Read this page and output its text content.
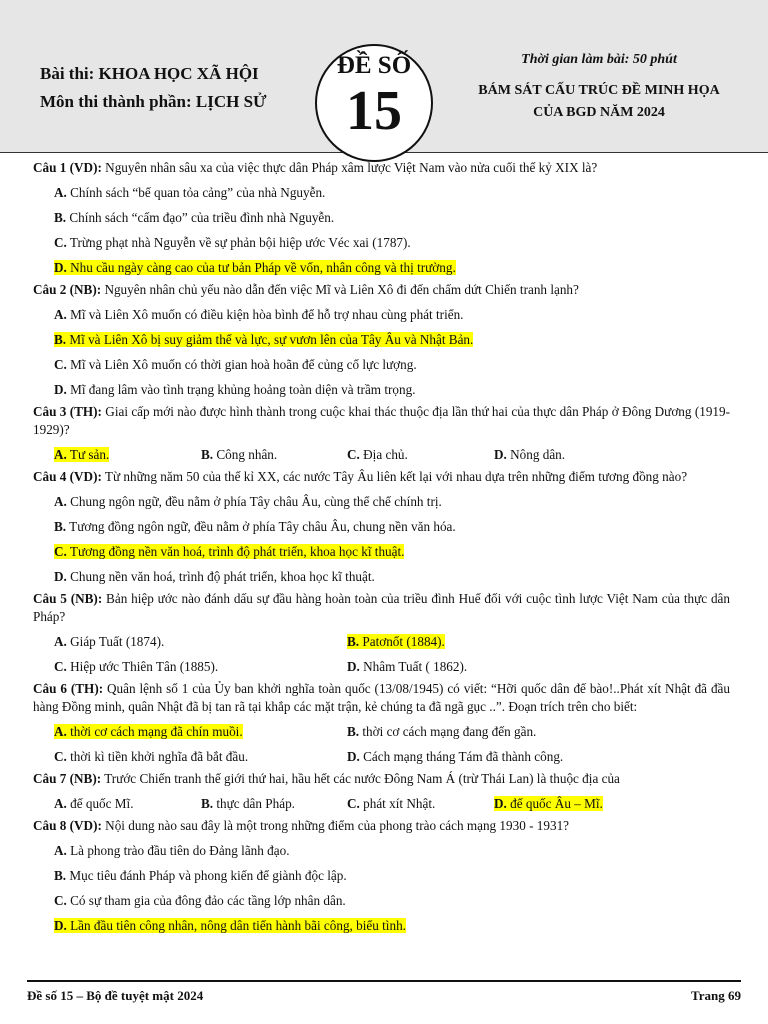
Bài thi: KHOA HỌC XÃ HỘI
Môn thi thành phần: LỊCH SỬ
ĐỀ SỐ
15
Thời gian làm bài: 50 phút
BÁM SÁT CẤU TRÚC ĐỀ MINH HỌA
CỦA BGD NĂM 2024
Câu 1 (VD): Nguyên nhân sâu xa của việc thực dân Pháp xâm lược Việt Nam vào nửa cuối thế kỷ XIX là?
A. Chính sách “bế quan tỏa cảng” của nhà Nguyễn.
B. Chính sách “cấm đạo” của triều đình nhà Nguyễn.
C. Trừng phạt nhà Nguyễn về sự phản bội hiệp ước Véc xai (1787).
D. Nhu cầu ngày càng cao của tư bản Pháp về vốn, nhân công và thị trường.
Câu 2 (NB): Nguyên nhân chủ yếu nào dẫn đến việc Mĩ và Liên Xô đi đến chấm dứt Chiến tranh lạnh?
A. Mĩ và Liên Xô muốn có điều kiện hòa bình để hỗ trợ nhau cùng phát triển.
B. Mĩ và Liên Xô bị suy giảm thế và lực, sự vươn lên của Tây Âu và Nhật Bản.
C. Mĩ và Liên Xô muốn có thời gian hoà hoãn để củng cố lực lượng.
D. Mĩ đang lâm vào tình trạng khủng hoảng toàn diện và trầm trọng.
Câu 3 (TH): Giai cấp mới nào được hình thành trong cuộc khai thác thuộc địa lần thứ hai của thực dân Pháp ở Đông Dương (1919-1929)?
A. Tư sản.	B. Công nhân.	C. Địa chủ.	D. Nông dân.
Câu 4 (VD): Từ những năm 50 của thế kỉ XX, các nước Tây Âu liên kết lại với nhau dựa trên những điểm tương đồng nào?
A. Chung ngôn ngữ, đều nằm ở phía Tây châu Âu, cùng thể chế chính trị.
B. Tương đồng ngôn ngữ, đều nằm ở phía Tây châu Âu, chung nền văn hóa.
C. Tương đồng nền văn hoá, trình độ phát triển, khoa học kĩ thuật.
D. Chung nền văn hoá, trình độ phát triển, khoa học kĩ thuật.
Câu 5 (NB): Bản hiệp ước nào đánh dấu sự đầu hàng hoàn toàn của triều đình Huế đối với cuộc tình lược Việt Nam của thực dân Pháp?
A. Giáp Tuất (1874).	B. Patơnốt (1884).
C. Hiệp ước Thiên Tân (1885).	D. Nhâm Tuất ( 1862).
Câu 6 (TH): Quân lệnh số 1 của Ủy ban khởi nghĩa toàn quốc (13/08/1945) có viết: “Hỡi quốc dân đế bào!..Phát xít Nhật đã đầu hàng Đồng minh, quân Nhật đã bị tan rã tại khắp các mặt trận, kẻ chúng ta đã ngã gục ..”. Đoạn trích trên cho biết:
A. thời cơ cách mạng đã chín muồi.	B. thời cơ cách mạng đang đến gần.
C. thời kì tiền khởi nghĩa đã bắt đầu.	D. Cách mạng tháng Tám đã thành công.
Câu 7 (NB): Trước Chiến tranh thế giới thứ hai, hầu hết các nước Đông Nam Á (trừ Thái Lan) là thuộc địa của
A. đế quốc Mĩ.	B. thực dân Pháp.	C. phát xít Nhật.	D. đế quốc Âu – Mĩ.
Câu 8 (VD): Nội dung nào sau đây là một trong những điểm của phong trào cách mạng 1930 - 1931?
A. Là phong trào đầu tiên do Đảng lãnh đạo.
B. Mục tiêu đánh Pháp và phong kiến để giành độc lập.
C. Có sự tham gia của đông đảo các tầng lớp nhân dân.
D. Lần đầu tiên công nhân, nông dân tiến hành bãi công, biểu tình.
Đề số 15 – Bộ đề tuyệt mật 2024	Trang 69
